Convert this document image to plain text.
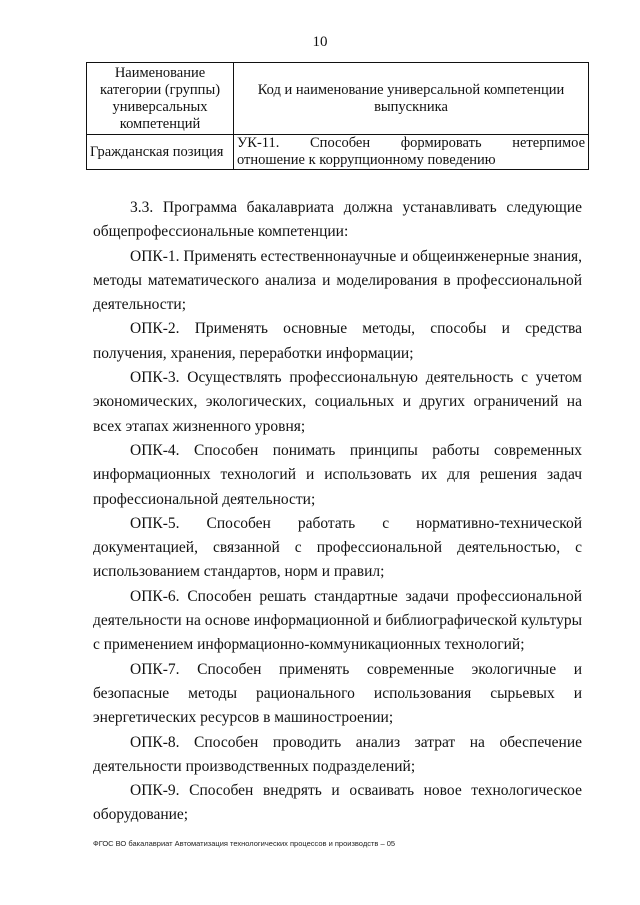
10
Наименование категории (группы) универсальных компетенций	Код и наименование универсальной компетенции выпускника
Гражданская позиция	УК-11. Способен формировать нетерпимое
отношение к коррупционному поведению

3.3. Программа бакалавриата должна устанавливать следующие общепрофессиональные компетенции:

ОПК-1. Применять естественнонаучные и общеинженерные знания, методы математического анализа и моделирования в профессиональной деятельности;

ОПК-2. Применять основные методы, способы и средства получения, хранения, переработки информации;

ОПК-3. Осуществлять профессиональную деятельность с учетом экономических, экологических, социальных и других ограничений на всех этапах жизненного уровня;

ОПК-4. Способен понимать принципы работы современных информационных технологий и использовать их для решения задач профессиональной деятельности;

ОПК-5. Способен работать с нормативно-технической документацией, связанной с профессиональной деятельностью, с использованием стандартов, норм и правил;

ОПК-6. Способен решать стандартные задачи профессиональной деятельности на основе информационной и библиографической культуры с применением информационно-коммуникационных технологий;

ОПК-7. Способен применять современные экологичные и безопасные методы рационального использования сырьевых и энергетических ресурсов в машиностроении;

ОПК-8. Способен проводить анализ затрат на обеспечение деятельности производственных подразделений;

ОПК-9. Способен внедрять и осваивать новое технологическое оборудование;

ФГОС ВО бакалавриат Автоматизация технологических процессов и производств – 05
